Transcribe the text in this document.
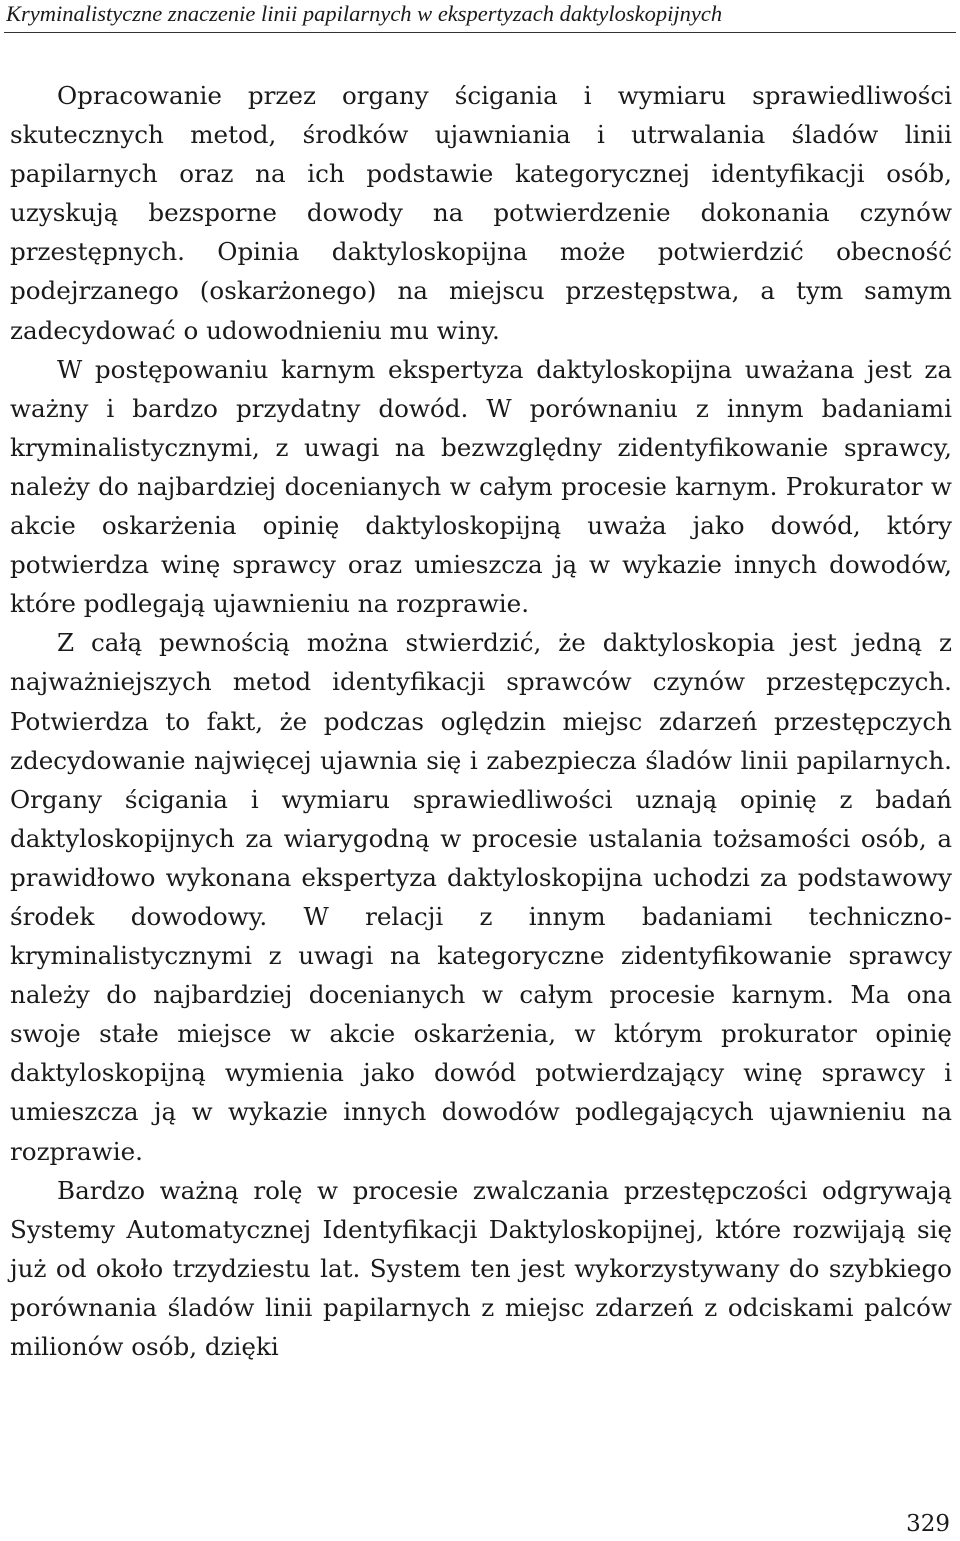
Kryminalistyczne znaczenie linii papilarnych w ekspertyzach daktyloskopijnych

Opracowanie przez organy ścigania i wymiaru sprawiedliwości skutecznych metod, środków ujawniania i utrwalania śladów linii papilarnych oraz na ich podstawie kategorycznej identyfikacji osób, uzyskują bezsporne dowody na potwierdzenie dokonania czynów przestępnych. Opinia daktyloskopijna może potwierdzić obecność podejrzanego (oskarżonego) na miejscu przestępstwa, a tym samym zadecydować o udowodnieniu mu winy.

W postępowaniu karnym ekspertyza daktyloskopijna uważana jest za ważny i bardzo przydatny dowód. W porównaniu z innym badaniami kryminalistycznymi, z uwagi na bezwzględny zidentyfikowanie sprawcy, należy do najbardziej docenianych w całym procesie karnym. Prokurator w akcie oskarżenia opinię daktyloskopijną uważa jako dowód, który potwierdza winę sprawcy oraz umieszcza ją w wykazie innych dowodów, które podlegają ujawnieniu na rozprawie.

Z całą pewnością można stwierdzić, że daktyloskopia jest jedną z najważniejszych metod identyfikacji sprawców czynów przestępczych. Potwierdza to fakt, że podczas oględzin miejsc zdarzeń przestępczych zdecydowanie najwięcej ujawnia się i zabezpiecza śladów linii papilarnych. Organy ścigania i wymiaru sprawiedliwości uznają opinię z badań daktyloskopijnych za wiarygodną w procesie ustalania tożsamości osób, a prawidłowo wykonana ekspertyza daktyloskopijna uchodzi za podstawowy środek dowodowy. W relacji z innym badaniami techniczno-kryminalistycznymi z uwagi na kategoryczne zidentyfikowanie sprawcy należy do najbardziej docenianych w całym procesie karnym. Ma ona swoje stałe miejsce w akcie oskarżenia, w którym prokurator opinię daktyloskopijną wymienia jako dowód potwierdzający winę sprawcy i umieszcza ją w wykazie innych dowodów podlegających ujawnieniu na rozprawie.

Bardzo ważną rolę w procesie zwalczania przestępczości odgrywają Systemy Automatycznej Identyfikacji Daktyloskopijnej, które rozwijają się już od około trzydziestu lat. System ten jest wykorzystywany do szybkiego porównania śladów linii papilarnych z miejsc zdarzeń z odciskami palców milionów osób, dzięki

329
